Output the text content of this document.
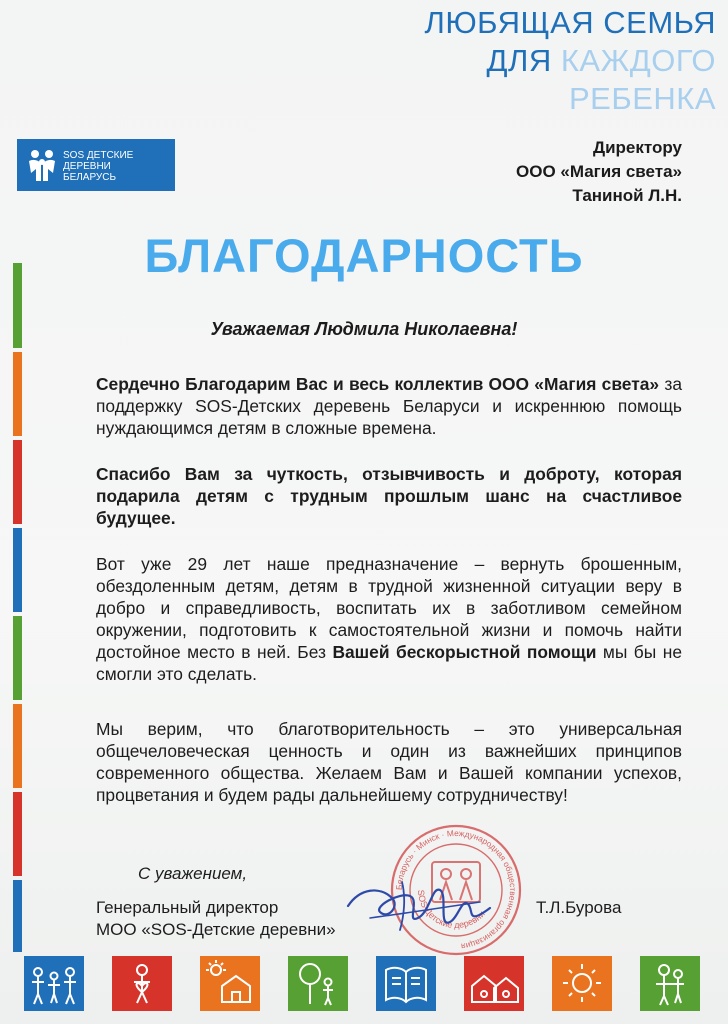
ЛЮБЯЩАЯ СЕМЬЯ
ДЛЯ КАЖДОГО
РЕБЕНКА
SOS ДЕТСКИЕ
ДЕРЕВНИ
БЕЛАРУСЬ
Директору
ООО «Магия света»
Таниной Л.Н.
БЛАГОДАРНОСТЬ
Уважаемая Людмила Николаевна!
Сердечно Благодарим Вас и весь коллектив ООО «Магия света» за поддержку SOS-Детских деревень Беларуси и искреннюю помощь нуждающимся детям в сложные времена.
Спасибо Вам за чуткость, отзывчивость и доброту, которая подарила детям с трудным прошлым шанс на счастливое будущее.
Вот уже 29 лет наше предназначение – вернуть брошенным, обездоленным детям, детям в трудной жизненной ситуации веру в добро и справедливость, воспитать их в заботливом семейном окружении, подготовить к самостоятельной жизни и помочь найти достойное место в ней. Без Вашей бескорыстной помощи мы бы не смогли это сделать.
Мы верим, что благотворительность – это универсальная общечеловеческая ценность и один из важнейших принципов современного общества. Желаем Вам и Вашей компании успехов, процветания и будем рады дальнейшему сотрудничеству!
Беларусь · Минск · Международная общественная организация
SOS-Детские деревни
С уважением,
Генеральный директор
МОО «SOS-Детские деревни»
Т.Л.Бурова
